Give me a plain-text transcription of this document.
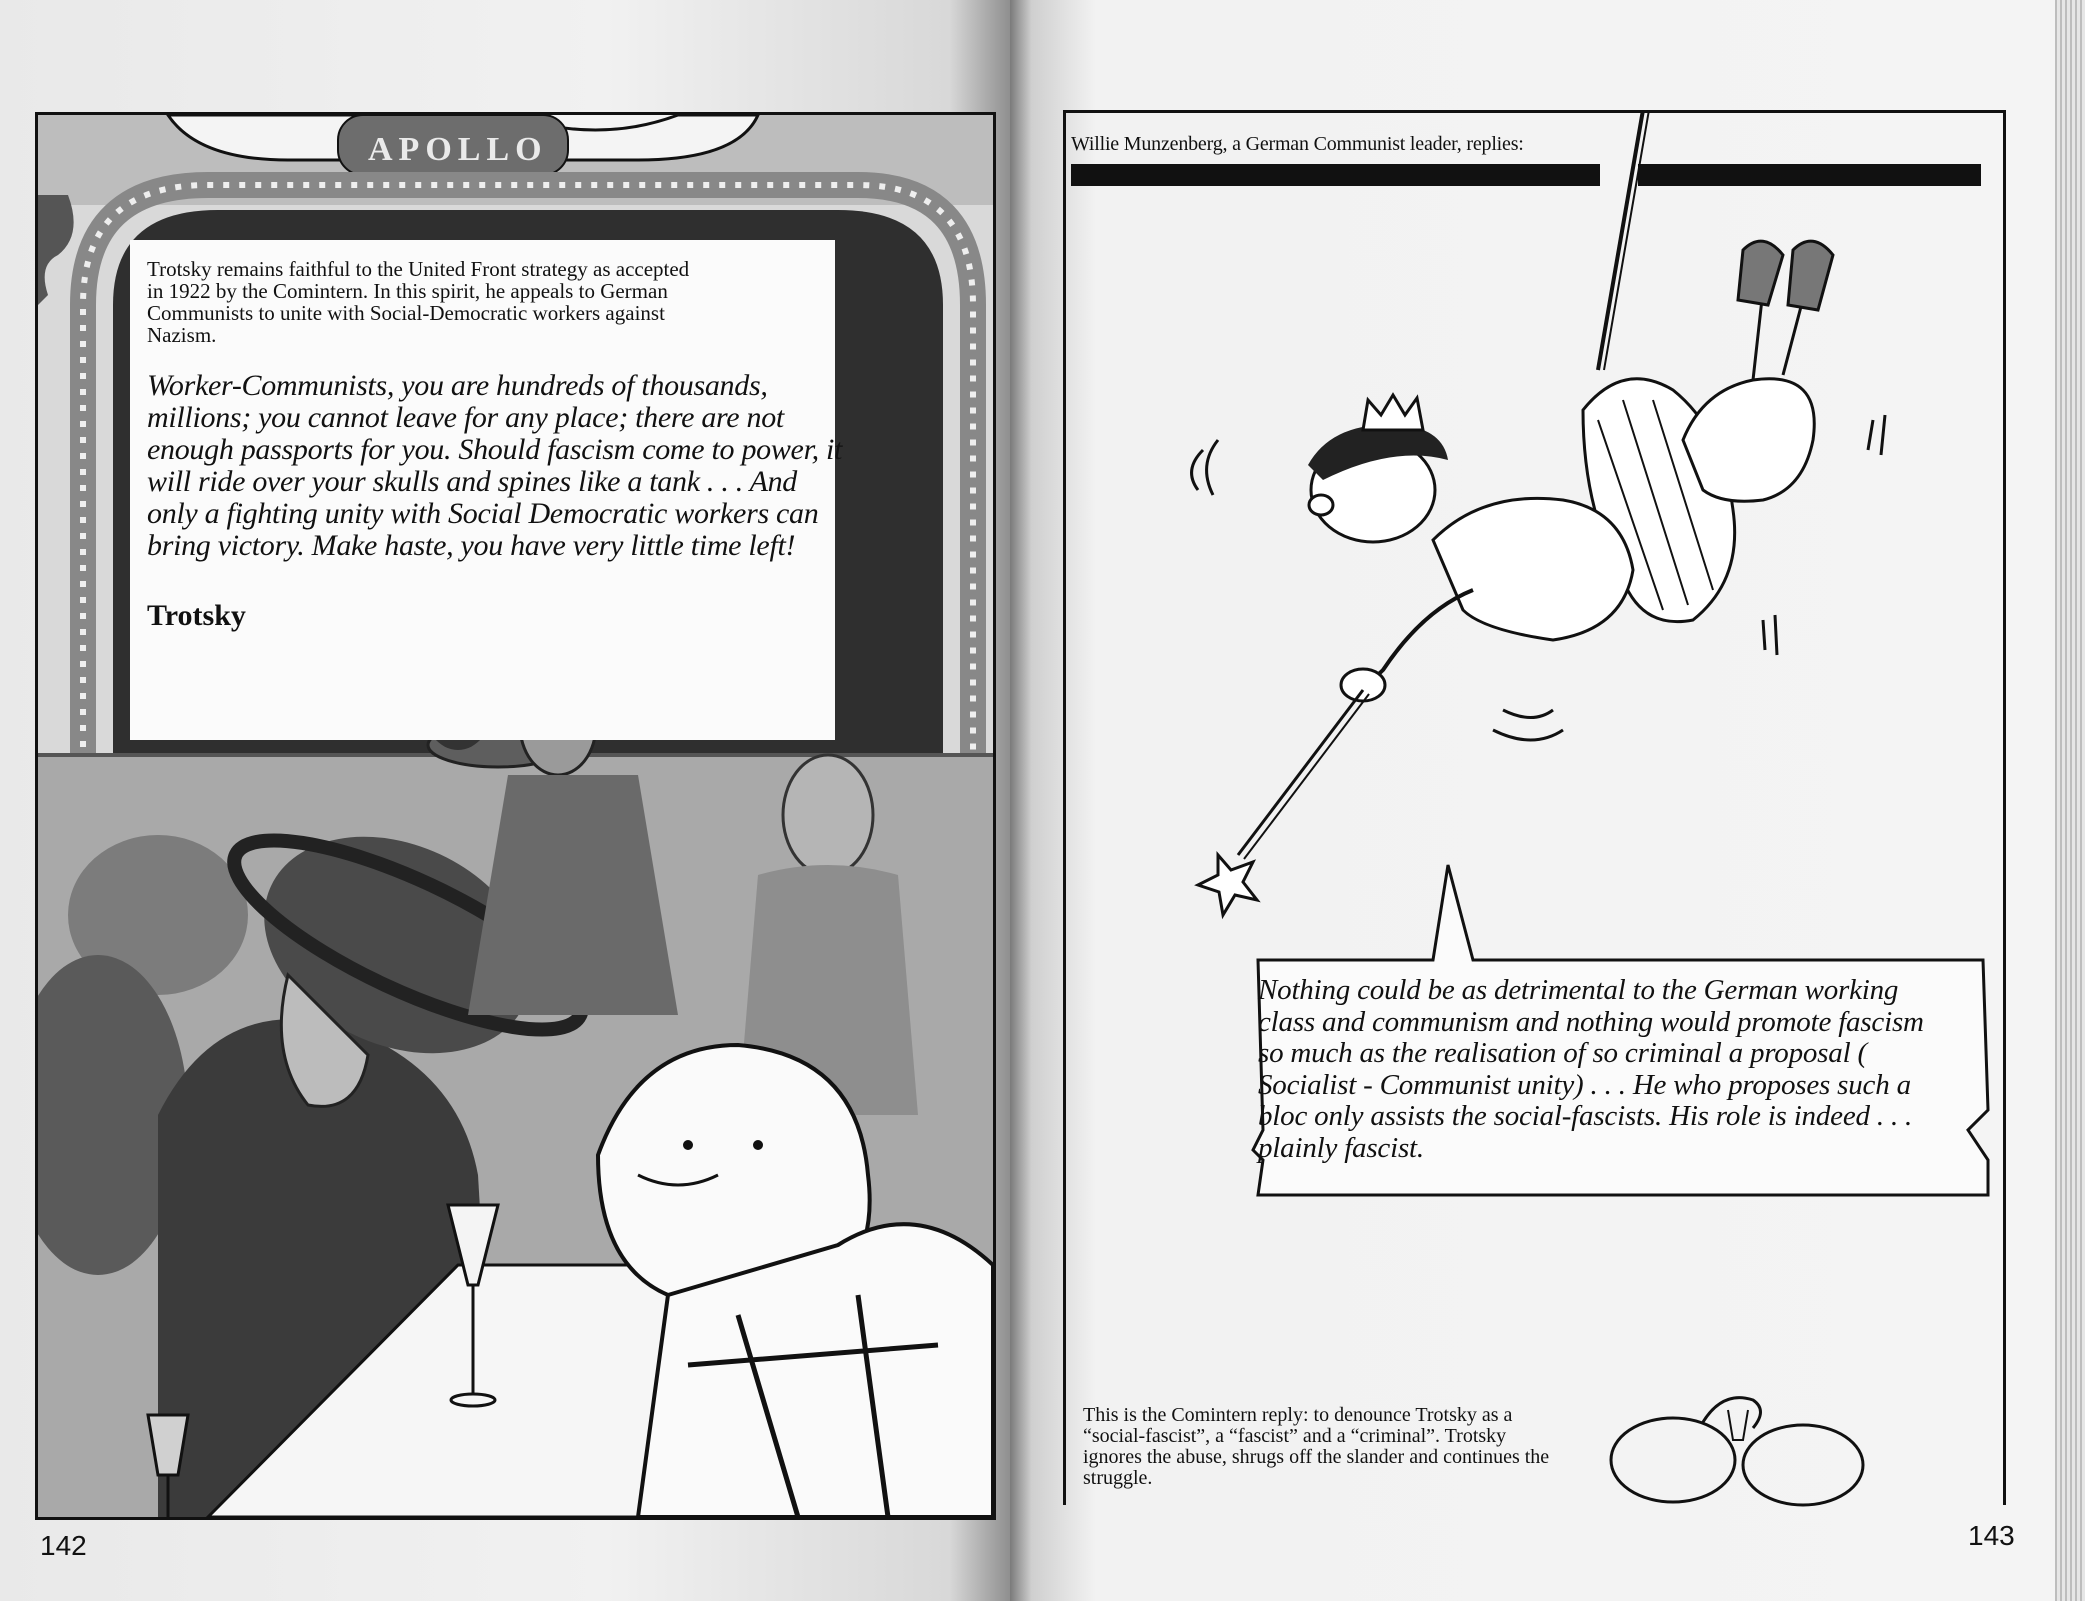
APOLLO
Trotsky remains faithful to the United Front strategy as accepted in 1922 by the Comintern. In this spirit, he appeals to German Communists to unite with Social-Democratic workers against Nazism.
Worker-Communists, you are hundreds of thousands, millions; you cannot leave for any place; there are not enough passports for you. Should fascism come to power, it will ride over your skulls and spines like a tank . . . And only a fighting unity with Social Democratic workers can bring victory. Make haste, you have very little time left!
Trotsky
142
Willie Munzenberg, a German Communist leader, replies:
Nothing could be as detrimental to the German working class and communism and nothing would promote fascism so much as the realisation of so criminal a proposal ( Socialist - Communist unity) . . . He who proposes such a bloc only assists the social-fascists. His role is indeed . . . plainly fascist.
This is the Comintern reply: to denounce Trotsky as a “social-fascist”, a “fascist” and a “criminal”. Trotsky ignores the abuse, shrugs off the slander and continues the struggle.
143
